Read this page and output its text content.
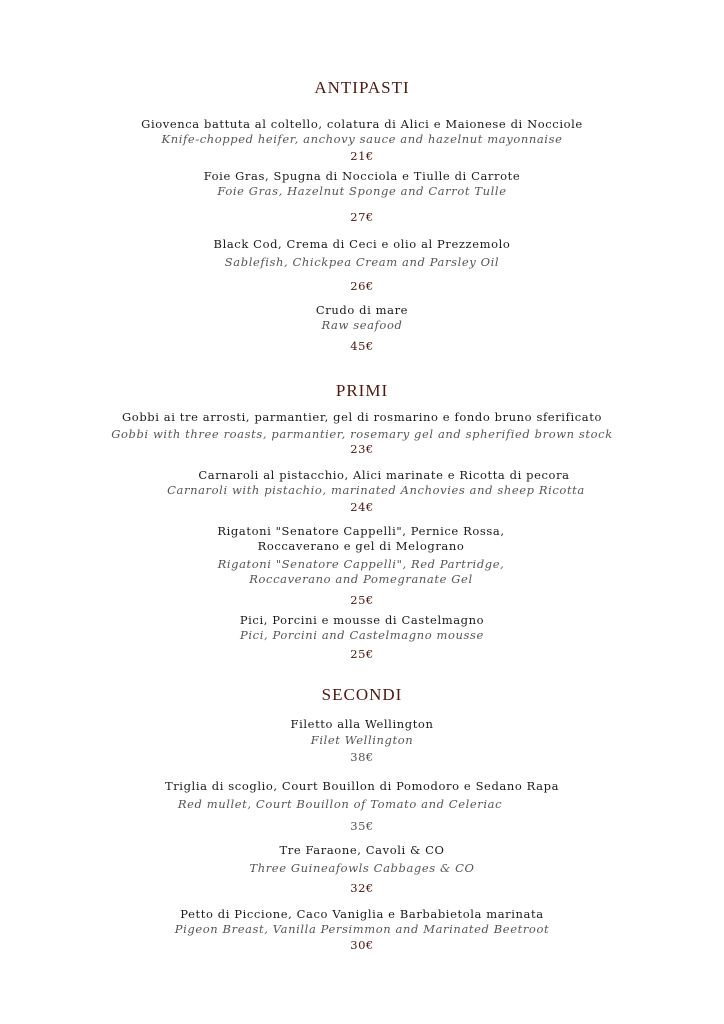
ANTIPASTI
Giovenca battuta al coltello, colatura di Alici e Maionese di Nocciole
Knife-chopped heifer, anchovy sauce and hazelnut mayonnaise
21€
Foie Gras, Spugna di Nocciola e Tiulle di Carrote
Foie Gras, Hazelnut Sponge and Carrot Tulle
27€
Black Cod, Crema di Ceci e olio al Prezzemolo
Sablefish, Chickpea Cream and Parsley Oil
26€
Crudo di mare
Raw seafood
45€
PRIMI
Gobbi ai tre arrosti, parmantier, gel di rosmarino e fondo bruno sferificato
Gobbi with three roasts, parmantier, rosemary gel and spherified brown stock
23€
Carnaroli al pistacchio, Alici marinate e Ricotta di pecora
Carnaroli with pistachio, marinated Anchovies and sheep Ricotta
24€
Rigatoni "Senatore Cappelli", Pernice Rossa,
Roccaverano e gel di Melograno
Rigatoni "Senatore Cappelli", Red Partridge,
Roccaverano and Pomegranate Gel
25€
Pici, Porcini e mousse di Castelmagno
Pici, Porcini and Castelmagno mousse
25€
SECONDI
Filetto alla Wellington
Filet Wellington
38€
Triglia di scoglio, Court Bouillon di Pomodoro e Sedano Rapa
Red mullet, Court Bouillon of Tomato and Celeriac
35€
Tre Faraone, Cavoli & CO
Three Guineafowls Cabbages & CO
32€
Petto di Piccione, Caco Vaniglia e Barbabietola marinata
Pigeon Breast, Vanilla Persimmon and Marinated Beetroot
30€
